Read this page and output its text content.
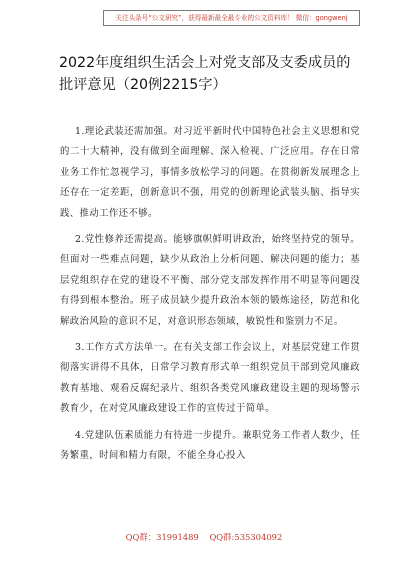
关注头条号“公文研究”，获得最新最全最专业的公文资料库！ 微信：gongwenj
2022年度组织生活会上对党支部及支委成员的批评意见（20例2215字）

1.理论武装还需加强。对习近平新时代中国特色社会主义思想和党的二十大精神，没有做到全面理解、深入检视、广泛应用。存在日常业务工作忙忽视学习，事情多放松学习的问题。在贯彻新发展理念上还存在一定差距，创新意识不强，用党的创新理论武装头脑、指导实践、推动工作还不够。

2.党性修养还需提高。能够旗帜鲜明讲政治，始终坚持党的领导。但面对一些难点问题，缺少从政治上分析问题、解决问题的能力；基层党组织存在党的建设不平衡、部分党支部发挥作用不明显等问题没有得到根本整治。班子成员缺少提升政治本领的锻炼途径，防范和化解政治风险的意识不足，对意识形态领域，敏锐性和鉴别力不足。

3.工作方式方法单一。在有关支部工作会议上，对基层党建工作贯彻落实讲得不具体，日常学习教育形式单一组织党员干部到党风廉政教育基地、观看反腐纪录片、组织各类党风廉政建设主题的现场警示教育少，在对党风廉政建设工作的宣传过于简单。

4.党建队伍素质能力有待进一步提升。兼职党务工作者人数少，任务繁重，时间和精力有限，不能全身心投入

QQ群：31991489 QQ群:535304092
